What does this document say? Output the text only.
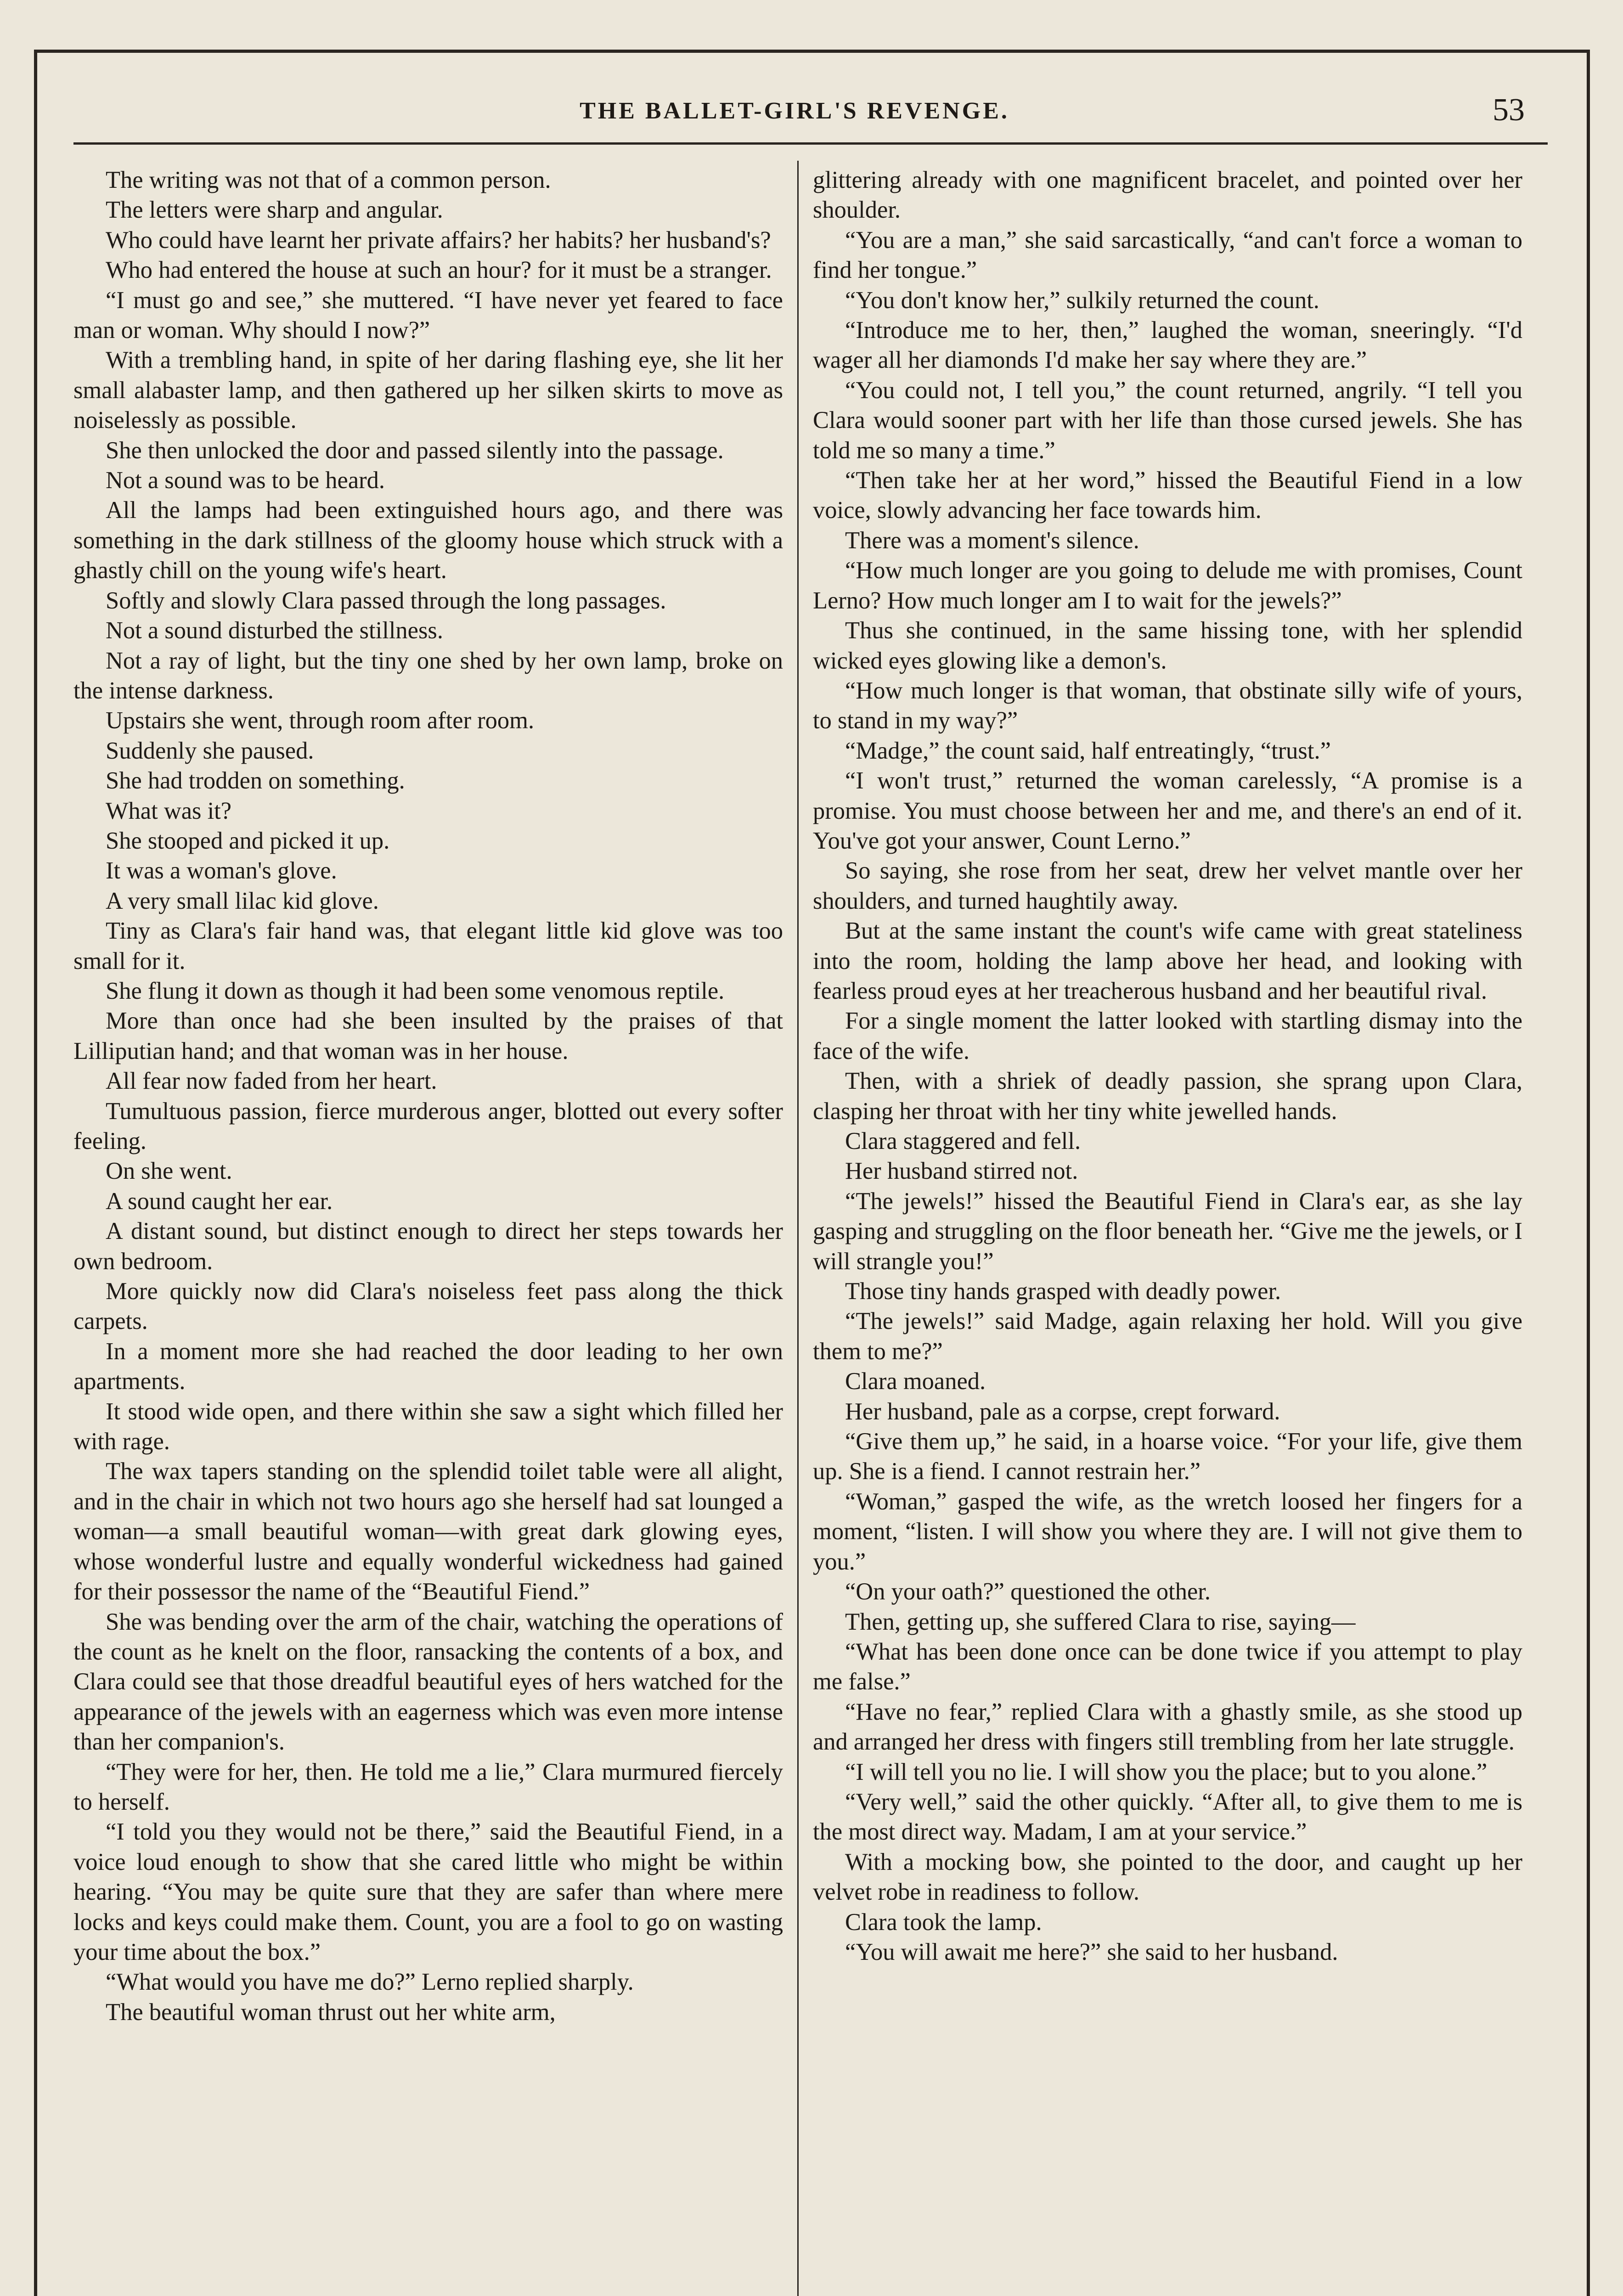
THE BALLET-GIRL'S REVENGE.	53

The writing was not that of a common person.

The letters were sharp and angular.

Who could have learnt her private affairs? her habits? her husband's?

Who had entered the house at such an hour? for it must be a stranger.

“I must go and see,” she muttered. “I have never yet feared to face man or woman. Why should I now?”

With a trembling hand, in spite of her daring flashing eye, she lit her small alabaster lamp, and then gathered up her silken skirts to move as noiselessly as possible.

She then unlocked the door and passed silently into the passage.

Not a sound was to be heard.

All the lamps had been extinguished hours ago, and there was something in the dark stillness of the gloomy house which struck with a ghastly chill on the young wife's heart.

Softly and slowly Clara passed through the long passages.

Not a sound disturbed the stillness.

Not a ray of light, but the tiny one shed by her own lamp, broke on the intense darkness.

Upstairs she went, through room after room.

Suddenly she paused.

She had trodden on something.

What was it?

She stooped and picked it up.

It was a woman's glove.

A very small lilac kid glove.

Tiny as Clara's fair hand was, that elegant little kid glove was too small for it.

She flung it down as though it had been some venomous reptile.

More than once had she been insulted by the praises of that Lilliputian hand; and that woman was in her house.

All fear now faded from her heart.

Tumultuous passion, fierce murderous anger, blotted out every softer feeling.

On she went.

A sound caught her ear.

A distant sound, but distinct enough to direct her steps towards her own bedroom.

More quickly now did Clara's noiseless feet pass along the thick carpets.

In a moment more she had reached the door leading to her own apartments.

It stood wide open, and there within she saw a sight which filled her with rage.

The wax tapers standing on the splendid toilet table were all alight, and in the chair in which not two hours ago she herself had sat lounged a woman—a small beautiful woman—with great dark glowing eyes, whose wonderful lustre and equally wonderful wickedness had gained for their possessor the name of the “Beautiful Fiend.”

She was bending over the arm of the chair, watching the operations of the count as he knelt on the floor, ransacking the contents of a box, and Clara could see that those dreadful beautiful eyes of hers watched for the appearance of the jewels with an eagerness which was even more intense than her companion's.

“They were for her, then. He told me a lie,” Clara murmured fiercely to herself.

“I told you they would not be there,” said the Beautiful Fiend, in a voice loud enough to show that she cared little who might be within hearing. “You may be quite sure that they are safer than where mere locks and keys could make them. Count, you are a fool to go on wasting your time about the box.”

“What would you have me do?” Lerno replied sharply.

The beautiful woman thrust out her white arm,

glittering already with one magnificent bracelet, and pointed over her shoulder.

“You are a man,” she said sarcastically, “and can't force a woman to find her tongue.”

“You don't know her,” sulkily returned the count.

“Introduce me to her, then,” laughed the woman, sneeringly. “I'd wager all her diamonds I'd make her say where they are.”

“You could not, I tell you,” the count returned, angrily. “I tell you Clara would sooner part with her life than those cursed jewels. She has told me so many a time.”

“Then take her at her word,” hissed the Beautiful Fiend in a low voice, slowly advancing her face towards him.

There was a moment's silence.

“How much longer are you going to delude me with promises, Count Lerno? How much longer am I to wait for the jewels?”

Thus she continued, in the same hissing tone, with her splendid wicked eyes glowing like a demon's.

“How much longer is that woman, that obstinate silly wife of yours, to stand in my way?”

“Madge,” the count said, half entreatingly, “trust.”

“I won't trust,” returned the woman carelessly, “A promise is a promise. You must choose between her and me, and there's an end of it. You've got your answer, Count Lerno.”

So saying, she rose from her seat, drew her velvet mantle over her shoulders, and turned haughtily away.

But at the same instant the count's wife came with great stateliness into the room, holding the lamp above her head, and looking with fearless proud eyes at her treacherous husband and her beautiful rival.

For a single moment the latter looked with startling dismay into the face of the wife.

Then, with a shriek of deadly passion, she sprang upon Clara, clasping her throat with her tiny white jewelled hands.

Clara staggered and fell.

Her husband stirred not.

“The jewels!” hissed the Beautiful Fiend in Clara's ear, as she lay gasping and struggling on the floor beneath her. “Give me the jewels, or I will strangle you!”

Those tiny hands grasped with deadly power.

“The jewels!” said Madge, again relaxing her hold. Will you give them to me?”

Clara moaned.

Her husband, pale as a corpse, crept forward.

“Give them up,” he said, in a hoarse voice. “For your life, give them up. She is a fiend. I cannot restrain her.”

“Woman,” gasped the wife, as the wretch loosed her fingers for a moment, “listen. I will show you where they are. I will not give them to you.”

“On your oath?” questioned the other.

Then, getting up, she suffered Clara to rise, saying—

“What has been done once can be done twice if you attempt to play me false.”

“Have no fear,” replied Clara with a ghastly smile, as she stood up and arranged her dress with fingers still trembling from her late struggle.

“I will tell you no lie. I will show you the place; but to you alone.”

“Very well,” said the other quickly. “After all, to give them to me is the most direct way. Madam, I am at your service.”

With a mocking bow, she pointed to the door, and caught up her velvet robe in readiness to follow.

Clara took the lamp.

“You will await me here?” she said to her husband.
